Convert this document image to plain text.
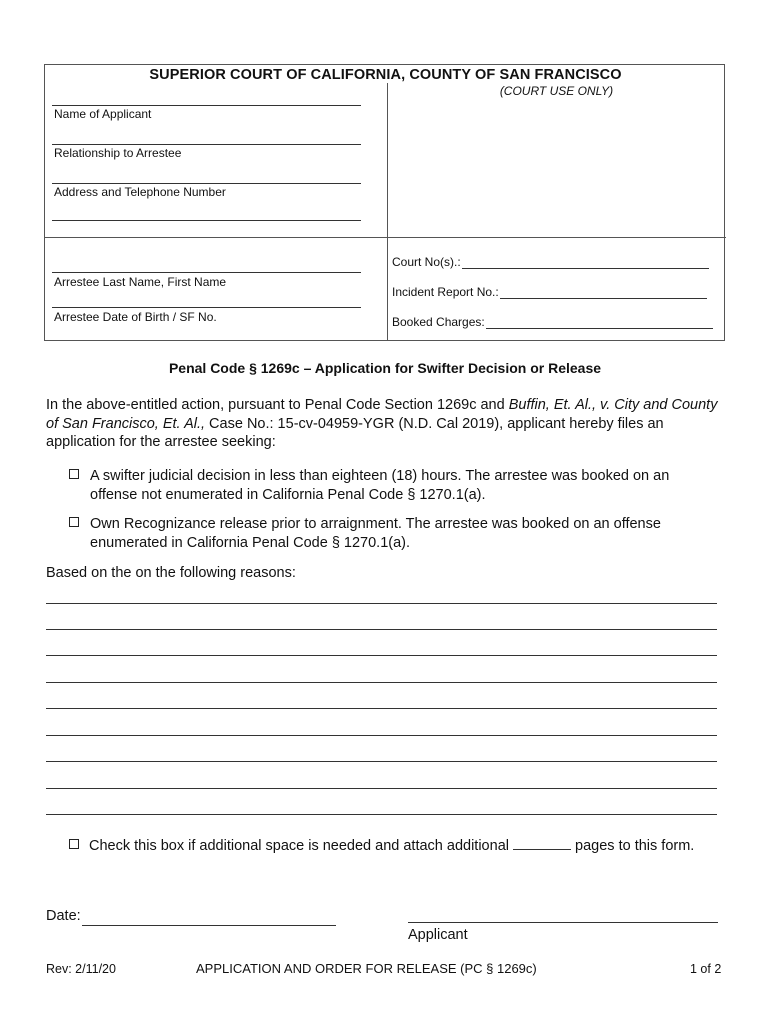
SUPERIOR COURT OF CALIFORNIA, COUNTY OF SAN FRANCISCO
(COURT USE ONLY)
Name of Applicant
Relationship to Arrestee
Address and Telephone Number
Arrestee Last Name, First Name
Arrestee Date of Birth / SF No.
Court No(s).:
Incident Report No.:
Booked Charges:
Penal Code § 1269c – Application for Swifter Decision or Release
In the above-entitled action, pursuant to Penal Code Section 1269c and Buffin, Et. Al., v. City and County of San Francisco, Et. Al., Case No.: 15-cv-04959-YGR (N.D. Cal 2019), applicant hereby files an application for the arrestee seeking:
A swifter judicial decision in less than eighteen (18) hours. The arrestee was booked on an offense not enumerated in California Penal Code § 1270.1(a).
Own Recognizance release prior to arraignment. The arrestee was booked on an offense enumerated in California Penal Code § 1270.1(a).
Based on the on the following reasons:
Check this box if additional space is needed and attach additional	pages to this form.
Date:
Applicant
Rev: 2/11/20	APPLICATION AND ORDER FOR RELEASE (PC § 1269c)	1 of 2
